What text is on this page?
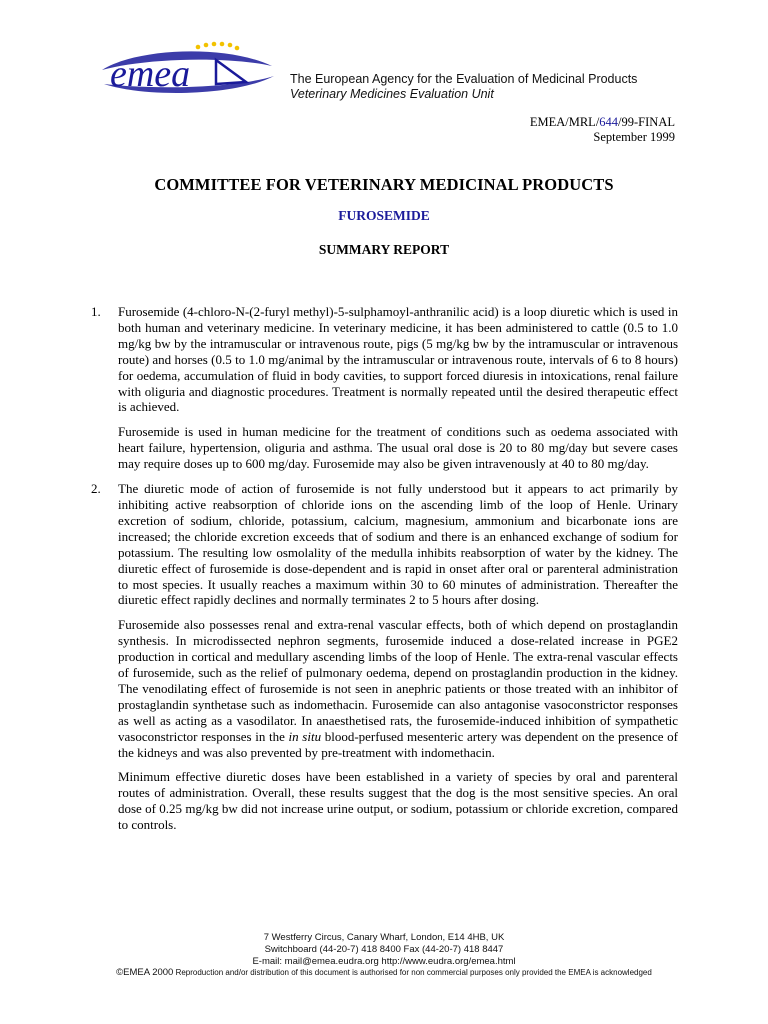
emea	The European Agency for the Evaluation of Medicinal Products
Veterinary Medicines Evaluation Unit
EMEA/MRL/644/99-FINAL
September 1999
COMMITTEE FOR VETERINARY MEDICINAL PRODUCTS
FUROSEMIDE
SUMMARY REPORT
1. Furosemide (4-chloro-N-(2-furyl methyl)-5-sulphamoyl-anthranilic acid) is a loop diuretic which is used in both human and veterinary medicine. In veterinary medicine, it has been administered to cattle (0.5 to 1.0 mg/kg bw by the intramuscular or intravenous route, pigs (5 mg/kg bw by the intramuscular or intravenous route) and horses (0.5 to 1.0 mg/animal by the intramuscular or intravenous route, intervals of 6 to 8 hours) for oedema, accumulation of fluid in body cavities, to support forced diuresis in intoxications, renal failure with oliguria and diagnostic procedures. Treatment is normally repeated until the desired therapeutic effect is achieved.

Furosemide is used in human medicine for the treatment of conditions such as oedema associated with heart failure, hypertension, oliguria and asthma. The usual oral dose is 20 to 80 mg/day but severe cases may require doses up to 600 mg/day. Furosemide may also be given intravenously at 40 to 80 mg/day.

2. The diuretic mode of action of furosemide is not fully understood but it appears to act primarily by inhibiting active reabsorption of chloride ions on the ascending limb of the loop of Henle. Urinary excretion of sodium, chloride, potassium, calcium, magnesium, ammonium and bicarbonate ions are increased; the chloride excretion exceeds that of sodium and there is an enhanced exchange of sodium for potassium. The resulting low osmolality of the medulla inhibits reabsorption of water by the kidney. The diuretic effect of furosemide is dose-dependent and is rapid in onset after oral or parenteral administration to most species. It usually reaches a maximum within 30 to 60 minutes of administration. Thereafter the diuretic effect rapidly declines and normally terminates 2 to 5 hours after dosing.

Furosemide also possesses renal and extra-renal vascular effects, both of which depend on prostaglandin synthesis. In microdissected nephron segments, furosemide induced a dose-related increase in PGE2 production in cortical and medullary ascending limbs of the loop of Henle. The extra-renal vascular effects of furosemide, such as the relief of pulmonary oedema, depend on prostaglandin production in the kidney. The venodilating effect of furosemide is not seen in anephric patients or those treated with an inhibitor of prostaglandin synthetase such as indomethacin. Furosemide can also antagonise vasoconstrictor responses as well as acting as a vasodilator. In anaesthetised rats, the furosemide-induced inhibition of sympathetic vasoconstrictor responses in the in situ blood-perfused mesenteric artery was dependent on the presence of the kidneys and was also prevented by pre-treatment with indomethacin.

Minimum effective diuretic doses have been established in a variety of species by oral and parenteral routes of administration. Overall, these results suggest that the dog is the most sensitive species. An oral dose of 0.25 mg/kg bw did not increase urine output, or sodium, potassium or chloride excretion, compared to controls.

7 Westferry Circus, Canary Wharf, London, E14 4HB, UK
Switchboard (44-20-7) 418 8400 Fax (44-20-7) 418 8447
E-mail: mail@emea.eudra.org http://www.eudra.org/emea.html
©EMEA 2000 Reproduction and/or distribution of this document is authorised for non commercial purposes only provided the EMEA is acknowledged
